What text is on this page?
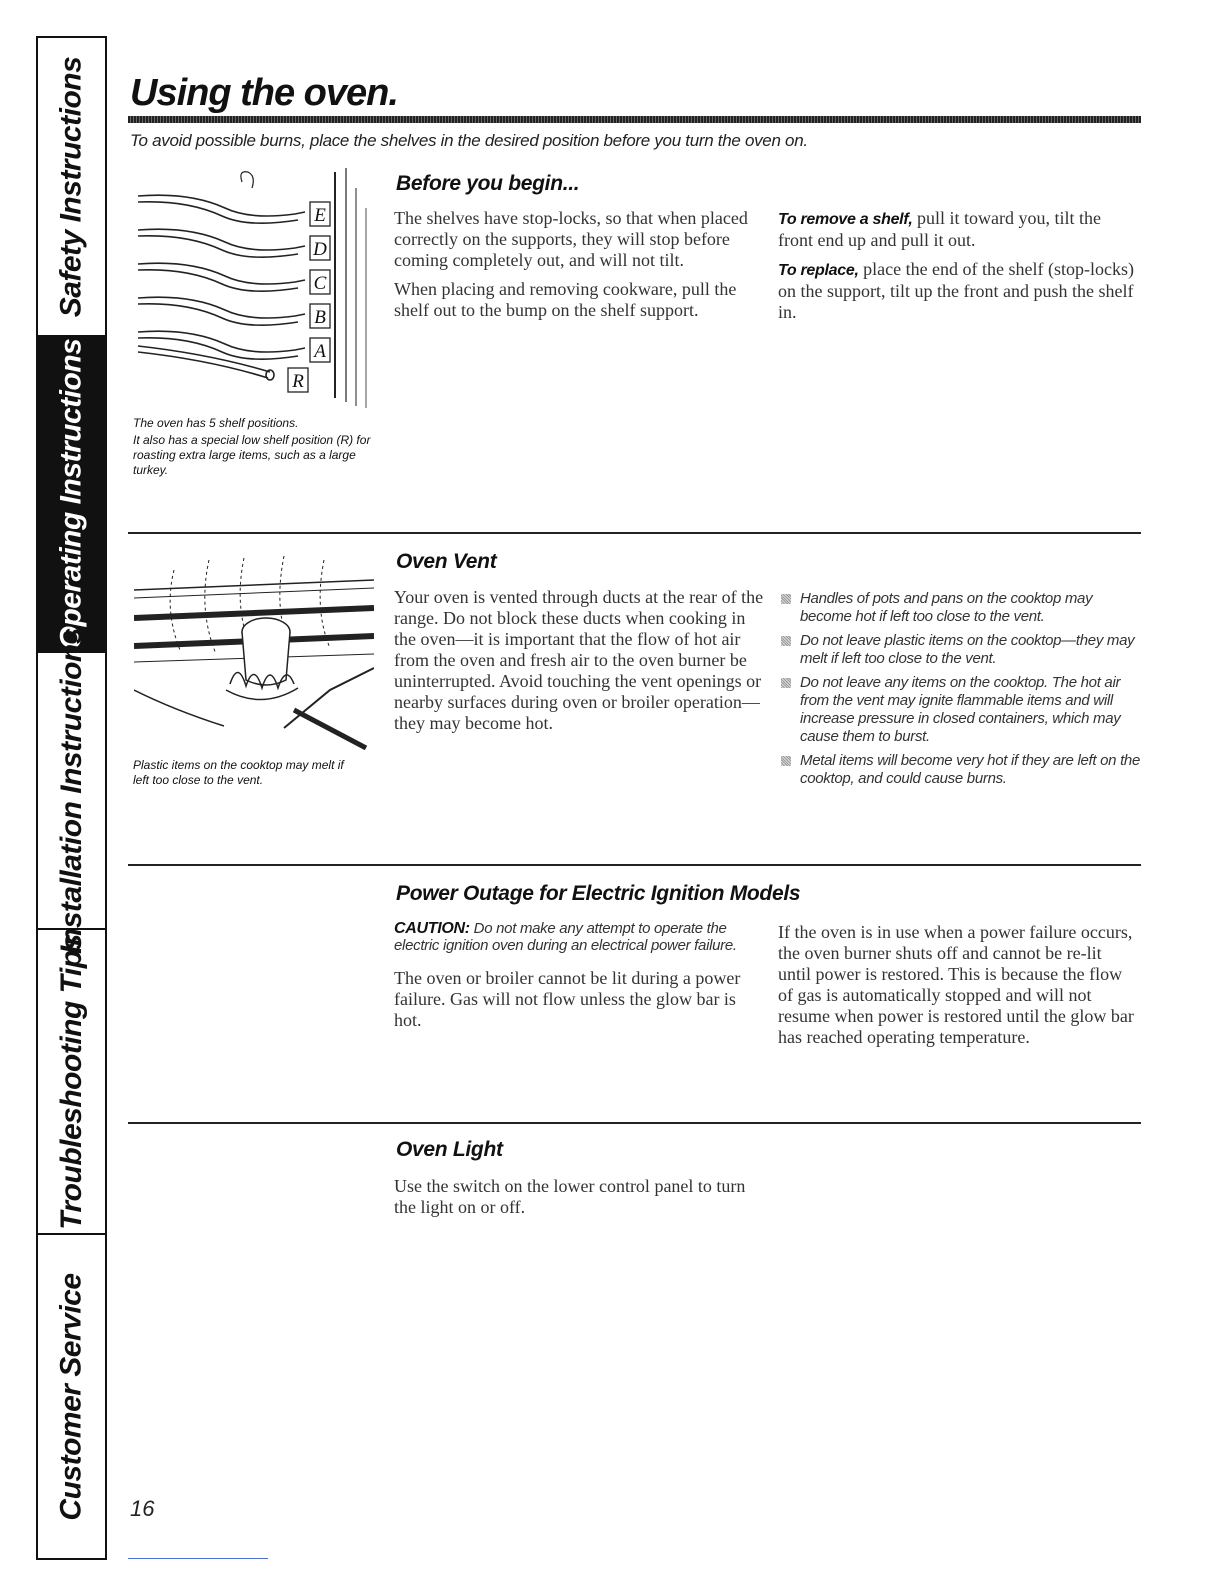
Safety Instructions
Operating Instructions
Installation Instructions
Troubleshooting Tips
Customer Service
Using the oven.
To avoid possible burns, place the shelves in the desired position before you turn the oven on.
E
D
C
B
A
R

The oven has 5 shelf positions.

It also has a special low shelf position (R) for roasting extra large items, such as a large turkey.

Before you begin...

The shelves have stop-locks, so that when placed correctly on the supports, they will stop before coming completely out, and will not tilt.

When placing and removing cookware, pull the shelf out to the bump on the shelf support.

To remove a shelf, pull it toward you, tilt the front end up and pull it out.

To replace, place the end of the shelf (stop-locks) on the support, tilt up the front and push the shelf in.

Plastic items on the cooktop may melt if left too close to the vent.
Oven Vent

Your oven is vented through ducts at the rear of the range. Do not block these ducts when cooking in the oven—it is important that the flow of hot air from the oven and fresh air to the oven burner be uninterrupted. Avoid touching the vent openings or nearby surfaces during oven or broiler operation—they may become hot.

Handles of pots and pans on the cooktop may become hot if left too close to the vent.
Do not leave plastic items on the cooktop—they may melt if left too close to the vent.
Do not leave any items on the cooktop. The hot air from the vent may ignite flammable items and will increase pressure in closed containers, which may cause them to burst.
Metal items will become very hot if they are left on the cooktop, and could cause burns.
Power Outage for Electric Ignition Models

CAUTION: Do not make any attempt to operate the electric ignition oven during an electrical power failure.

The oven or broiler cannot be lit during a power failure. Gas will not flow unless the glow bar is hot.

If the oven is in use when a power failure occurs, the oven burner shuts off and cannot be re-lit until power is restored. This is because the flow of gas is automatically stopped and will not resume when power is restored until the glow bar has reached operating temperature.

Oven Light

Use the switch on the lower control panel to turn the light on or off.

16
